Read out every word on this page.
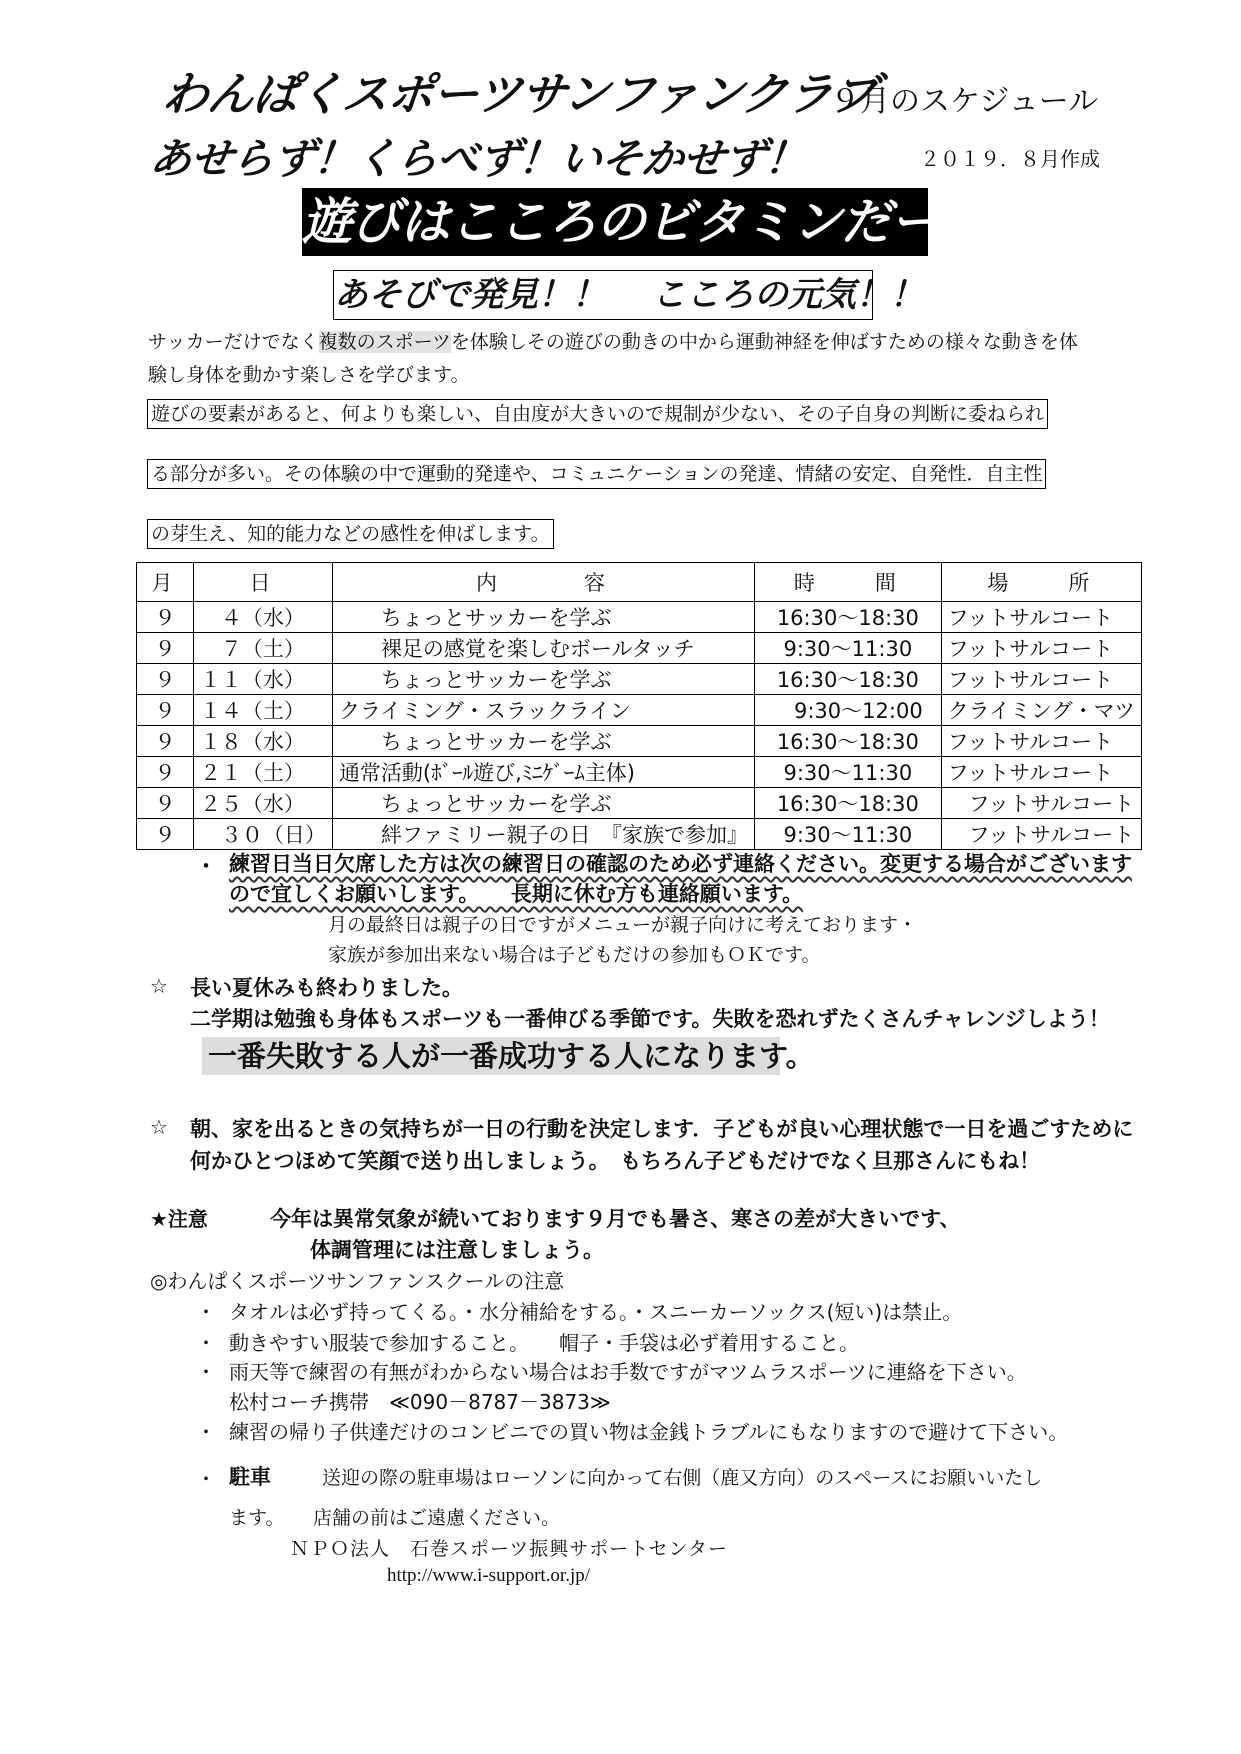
わんぱくスポーツサンファンクラブ
９月のスケジュール
あせらず！くらべず！いそかせず！	２０１９．８月作成
遊びはこころのビタミンだー！
あそびで発見！！　 こころの元気！！
サッカーだけでなく複数のスポーツを体験しその遊びの動きの中から運動神経を伸ばすための様々な動きを体験し身体を動かす楽しさを学びます。
遊びの要素があると、何よりも楽しい、自由度が大きいので規制が少ない、その子自身の判断に委ねられ
る部分が多い。その体験の中で運動的発達や、コミュニケーションの発達、情緒の安定、自発性．自主性
の芽生え、知的能力などの感性を伸ばします。
月	日	内　　　容	時　　間	場　　所
９	　４（水）	　　ちょっとサッカーを学ぶ	16:30～18:30	フットサルコート
９	　７（土）	　　裸足の感覚を楽しむボールタッチ	9:30～11:30	フットサルコート
９	１１（水）	　　ちょっとサッカーを学ぶ	16:30～18:30	フットサルコート
９	１４（土）	クライミング・スラックライン	　9:30～12:00	クライミング・マツ
９	１８（水）	　　ちょっとサッカーを学ぶ	16:30～18:30	フットサルコート
９	２１（土）	通常活動(ﾎﾞｰﾙ遊び,ﾐﾆｹﾞｰﾑ主体)	9:30～11:30	フットサルコート
９	２５（水）	　　ちょっとサッカーを学ぶ	16:30～18:30	　フットサルコート
９	　３０（日）	　　絆ファミリー親子の日　『家族で参加』	9:30～11:30	　フットサルコート
・ 練習日当日欠席した方は次の練習日の確認のため必ず連絡ください。変更する場合がございます
ので宜しくお願いします。　　長期に休む方も連絡願います。
月の最終日は親子の日ですがメニューが親子向けに考えております・
家族が参加出来ない場合は子どもだけの参加もＯＫです。
☆ 長い夏休みも終わりました。
二学期は勉強も身体もスポーツも一番伸びる季節です。失敗を恐れずたくさんチャレンジしよう！
一番失敗する人が一番成功する人になります。
☆ 朝、家を出るときの気持ちが一日の行動を決定します．子どもが良い心理状態で一日を過ごすために
何かひとつほめて笑顔で送り出しましょう。　もちろん子どもだけでなく旦那さんにもね！
★注意	今年は異常気象が続いております９月でも暑さ、寒さの差が大きいです、
体調管理には注意しましょう。
◎わんぱくスポーツサンファンスクールの注意
・ タオルは必ず持ってくる。・水分補給をする。・スニーカーソックス(短い)は禁止。
・ 動きやすい服装で参加すること。　　帽子・手袋は必ず着用すること。
・ 雨天等で練習の有無がわからない場合はお手数ですがマツムラスポーツに連絡を下さい。
松村コーチ携帯　≪090－8787－3873≫
・ 練習の帰り子供達だけのコンビニでの買い物は金銭トラブルにもなりますので避けて下さい。
・ 駐車	送迎の際の駐車場はローソンに向かって右側（鹿又方向）のスペースにお願いいたし
ます。　　店舗の前はご遠慮ください。
ＮＰＯ法人　石巻スポーツ振興サポートセンター
http://www.i-support.or.jp/
